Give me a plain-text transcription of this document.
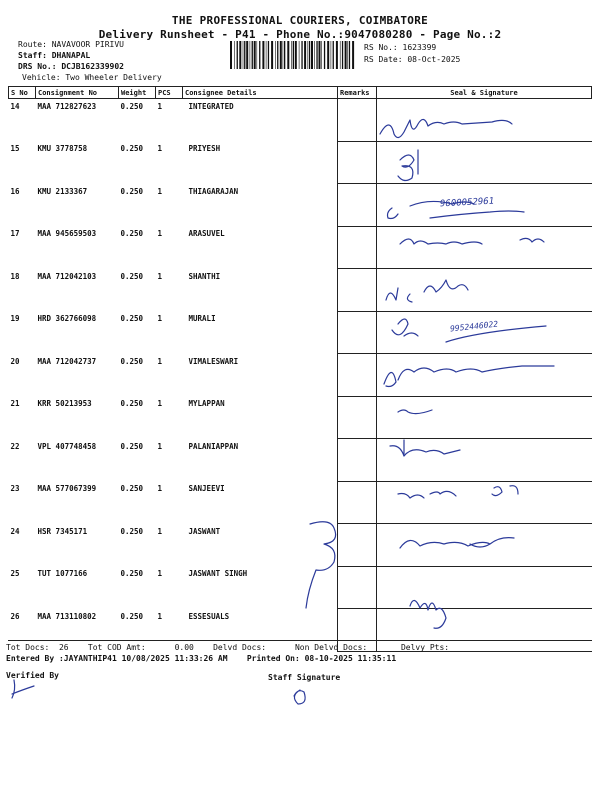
THE PROFESSIONAL COURIERS, COIMBATORE
Delivery Runsheet - P41 - Phone No.:9047080280 - Page No.:2
Route: NAVAVOOR PIRIVU
Staff: DHANAPAL
DRS No.: DCJB162339902
Vehicle: Two Wheeler Delivery
RS No.: 1623399
RS Date: 08-Oct-2025
S No	Consignment No	Weight	PCS	Consignee Details	Remarks	Seal & Signature
14	MAA 712827623	0.250	1	INTEGRATED		
15	KMU 3778758	0.250	1	PRIYESH		
16	KMU 2133367	0.250	1	THIAGARAJAN		
17	MAA 945659503	0.250	1	ARASUVEL		
18	MAA 712042103	0.250	1	SHANTHI		
19	HRD 362766098	0.250	1	MURALI		
20	MAA 712042737	0.250	1	VIMALESWARI		
21	KRR 50213953	0.250	1	MYLAPPAN		
22	VPL 407748458	0.250	1	PALANIAPPAN		
23	MAA 577067399	0.250	1	SANJEEVI		
24	HSR 7345171	0.250	1	JASWANT		
25	TUT 1077166	0.250	1	JASWANT SINGH		
26	MAA 713110802	0.250	1	ESSESUALS		
9600052961
9952446022
Tot Docs:  26    Tot COD Amt:      0.00    Delvd Docs:      Non Delvd Docs:       Delvy Pts:
Entered By :JAYANTHIP41 10/08/2025 11:33:26 AM    Printed On: 08-10-2025 11:35:11
Verified By	Staff Signature
